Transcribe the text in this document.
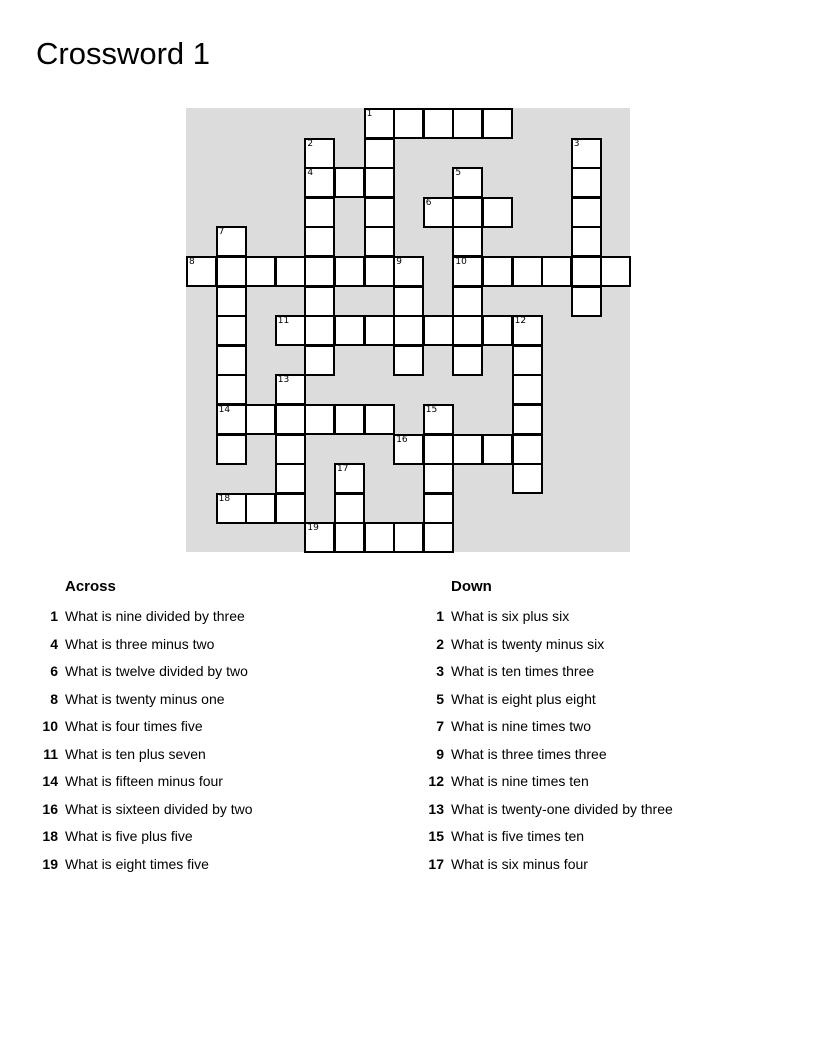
Crossword 1
1
4
6
8	9	10
11
14
16
18
19
2	3
5
7
12
13
15
17
Across
1 What is nine divided by three
4 What is three minus two
6 What is twelve divided by two
8 What is twenty minus one
10 What is four times five
11 What is ten plus seven
14 What is fifteen minus four
16 What is sixteen divided by two
18 What is five plus five
19 What is eight times five
Down
1 What is six plus six
2 What is twenty minus six
3 What is ten times three
5 What is eight plus eight
7 What is nine times two
9 What is three times three
12 What is nine times ten
13 What is twenty-one divided by three
15 What is five times ten
17 What is six minus four
